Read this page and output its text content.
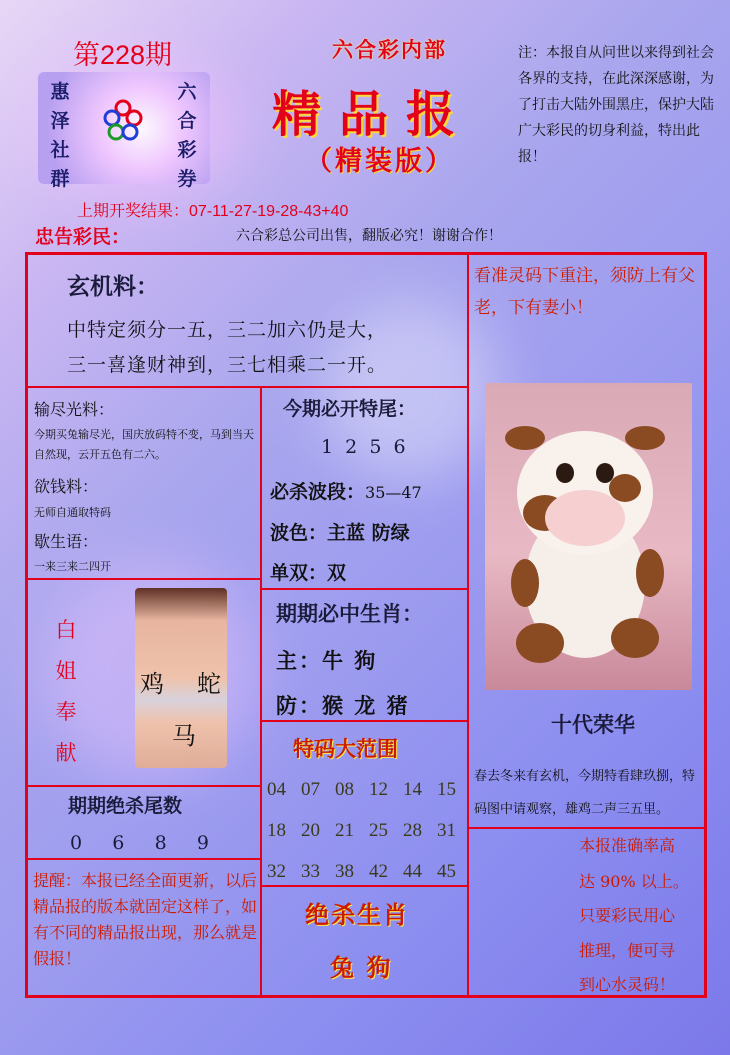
第228期	六合彩内部
精品报
（精装版）
惠
泽
社
群
六
合
彩
券
注：本报自从问世以来得到社会各界的支持，在此深深感谢，为了打击大陆外围黑庄，保护大陆广大彩民的切身利益，特出此报！
上期开奖结果：07-11-27-19-28-43+40
忠告彩民：	六合彩总公司出售，翻版必究！谢谢合作！
玄机料：
中特定须分一五，三二加六仍是大，
三一喜逢财神到，三七相乘二一开。
输尽光料：
今期买兔输尽光，国庆放码特不变，马到当天自然现，云开五色有二六。
欲钱料：
无师自通取特码
歇生语：
一来三来二四开
今期必开特尾：
1  2  5  6
必杀波段：35—47
波色：主蓝 防绿
单双：双
白
姐
奉
献
鸡 蛇
马
期期必中生肖：
主：牛 狗
防：猴 龙 猪
特码大范围
04 07 08 12 14 15
18 20 21 25 28 31
32 33 38 42 44 45
期期绝杀尾数
0     6     8     9
提醒：本报已经全面更新，以后精品报的版本就固定这样了，如有不同的精品报出现，那么就是假报！
绝杀生肖
兔 狗
看准灵码下重注，须防上有父老，下有妻小！
十代荣华
春去冬来有玄机，今期特看肆玖捌，特码图中请观察，雄鸡二声三五里。
本报准确率高
达 90% 以上。
只要彩民用心
推理，便可寻
到心水灵码！
